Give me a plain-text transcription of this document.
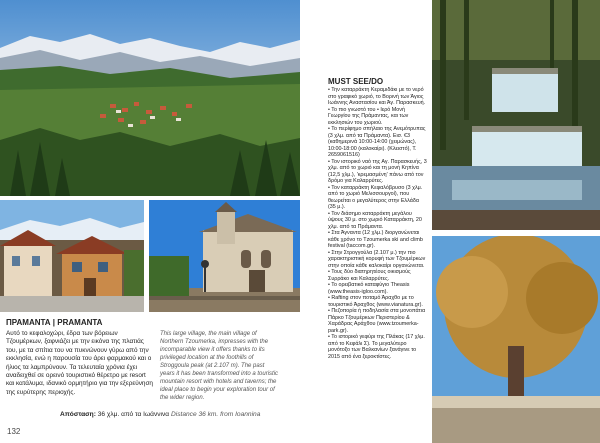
ΠΡΑΜΑΝΤΑ | PRAMANTA
Αυτό το κεφαλοχώρι, έδρα των βόρειων Τζουμέρκων, ξαφνιάζει με την εικόνα της πλατιάς του, με τα σπίτια του να πυκνώνουν γύρω από την εκκλησία, ενώ η παρουσία του άρει φαρμακού και ο ήλιος τα λαμπρύνουν. Τα τελευταία χρόνια έχει αναδειχθεί σε ορεινό τουριστικό θέρετρο με resort και κατάλυμα, ιδανικό ορμητήριο για την εξερεύνηση της ευρύτερης περιοχής.
This large village, the main village of Northern Tzoumerka, impresses with the incomparable view it offers thanks to its privileged location at the foothills of Stroggoula peak (at 2.107 m). The past years it has been transformed into a touristic mountain resort with hotels and taverns; the ideal place to begin your exploration tour of the wider region.
Απόσταση: 36 χλμ. από τα Ιωάννινα Distance 36 km. from Ioannina
132
MUST SEE/DO

• Την καταρράκτη Κεραμιδάκι με το νερό στο γραφικό χωριό, το Βορινή των Άγιος Ιωάννης Αναστασίου και Άγ. Παρασκευή.

• Το πιο γνωστό του • Ιερό Μονή Γεωργίου της Πράμαντας, και των εκκλησιών του χωριού.

• Το περίφημο σπήλαιο της Ανεμότρυπας (3 χλμ. από τα Πράμαντα). Εισ. €3 (καθημερινά 10:00-14:00 (χειμώνας), 10:00-18:00 (καλοκαίρι). (Κλειστό), T. 2659061516)

• Τον ιστορικό ναό της Αγ. Παρασκευής, 3 χλμ. από το χωριό και τη μονή Κηπίνα (12,5 χλμ.), 'κρεμασμένη' πάνω από τον δρόμο για Καλαρρύτες.

• Τον καταρράκτη Κεφαλόβρυσο (3 χλμ. από το χωριό Μελισσουργοί), που θεωρείται ο μεγαλύτερος στην Ελλάδα (35 μ.).

• Τον διάσημο καταρράκτη μεγάλου ύψους 30 μ. στο χωριό Καταρράκτη, 20 χλμ. από τα Πράμαντα.

• Στα Άγναντα (12 χλμ.) διοργανώνεται κάθε χρόνο το Tzoumerka ski and climb festival (taccom.gr).

• Στην Στρογγούλα (2.107 μ.) την πιο χαρακτηριστική κορυφή των Τζουμέρκων στην οποία κάθε καλοκαίρι οργανώνεται.

• Τους δύο διατηρητέους οικισμούς Συρράκο και Καλαρρύτες.

• Το ορειβατικό καταφύγιο Theasis (www.theasis-igloo.com).

• Rafting στον ποταμό Άραχθο με το τουριστικό Άραχθος (www.vianatura.gr).

• Πεζοπορία ή ποδηλασία στα μονοπάτια Πάρκο Τζουμέρκων Περιστερίου & Χαράδρας Αράχθου (www.tzoumerka-park.gr).

• Το ιστορικό γεφύρι της Πλάκας (17 χλμ. από το Κεφάλι Σ). Το μεγαλύτερο μονότοξο των Βαλκανίων ξανάγινε το 2015 από ένα ξεροκτίστες.
